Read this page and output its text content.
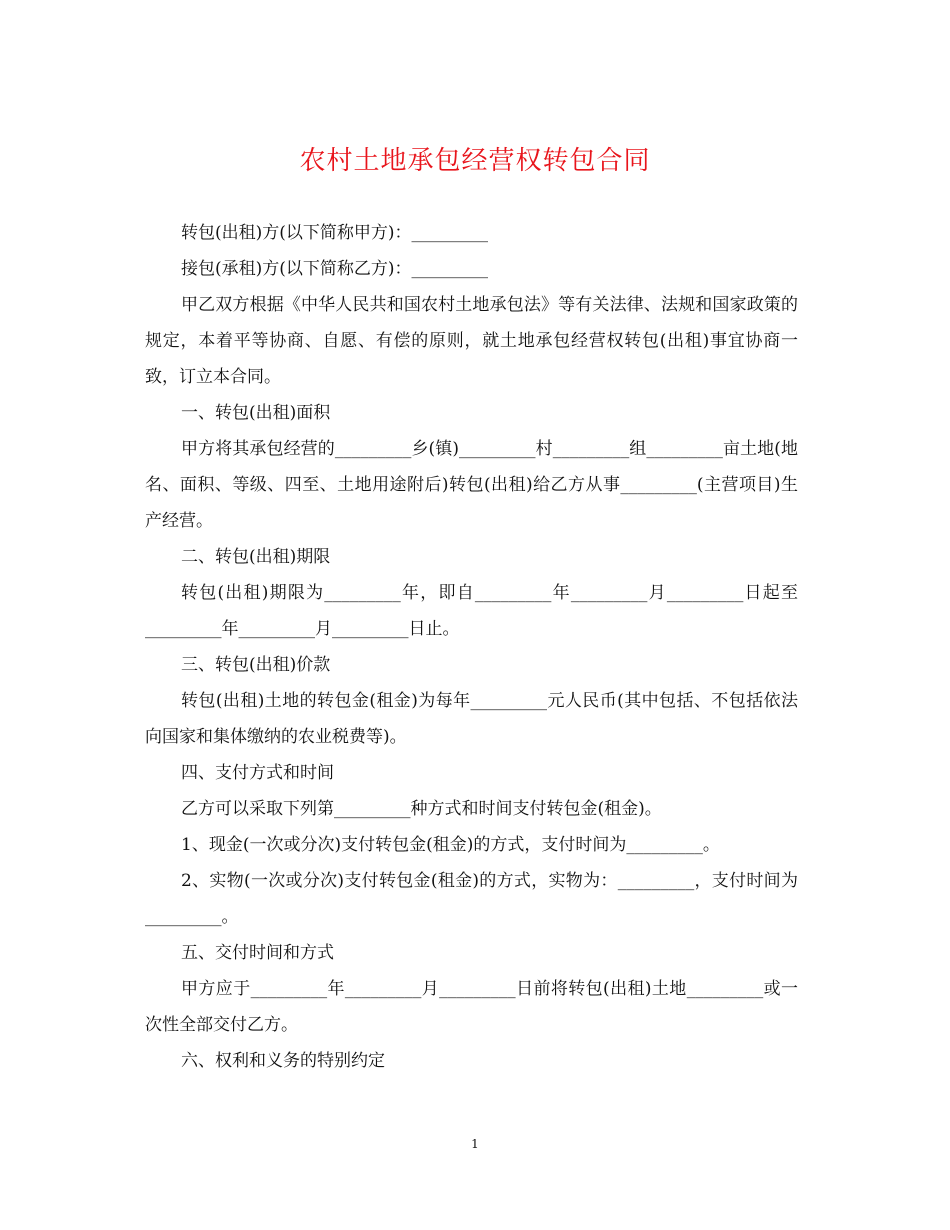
农村土地承包经营权转包合同

转包(出租)方(以下简称甲方)：_________

接包(承租)方(以下简称乙方)：_________

甲乙双方根据《中华人民共和国农村土地承包法》等有关法律、法规和国家政策的规定，本着平等协商、自愿、有偿的原则，就土地承包经营权转包(出租)事宜协商一致，订立本合同。

一、转包(出租)面积

甲方将其承包经营的_________乡(镇)_________村_________组_________亩土地(地名、面积、等级、四至、土地用途附后)转包(出租)给乙方从事_________(主营项目)生产经营。

二、转包(出租)期限

转包(出租)期限为_________年，即自_________年_________月_________日起至_________年_________月_________日止。

三、转包(出租)价款

转包(出租)土地的转包金(租金)为每年_________元人民币(其中包括、不包括依法向国家和集体缴纳的农业税费等)。

四、支付方式和时间

乙方可以采取下列第_________种方式和时间支付转包金(租金)。

1、现金(一次或分次)支付转包金(租金)的方式，支付时间为_________。

2、实物(一次或分次)支付转包金(租金)的方式，实物为：_________，支付时间为_________。

五、交付时间和方式

甲方应于_________年_________月_________日前将转包(出租)土地_________或一次性全部交付乙方。

六、权利和义务的特别约定

1
